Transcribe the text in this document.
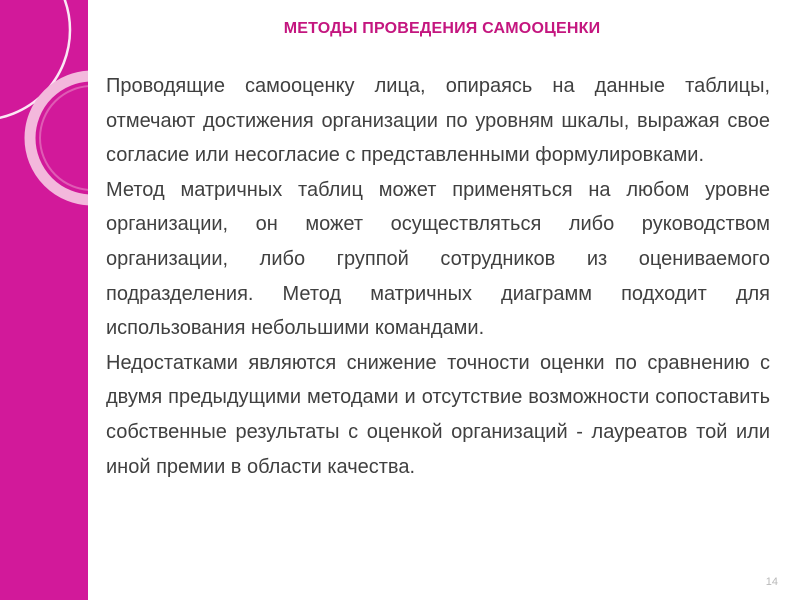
МЕТОДЫ ПРОВЕДЕНИЯ САМООЦЕНКИ

Проводящие самооценку лица, опираясь на данные таблицы, отмечают достижения организации по уровням шкалы, выражая свое согласие или несогласие с представленными формулировками.

Метод матричных таблиц может применяться на любом уровне организации, он может осуществляться либо руководством организации, либо группой сотрудников из оцениваемого подразделения. Метод матричных диаграмм подходит для использования небольшими командами.

Недостатками являются снижение точности оценки по сравнению с двумя предыдущими методами и отсутствие возможности сопоставить собственные результаты с оценкой организаций - лауреатов той или иной премии в области качества.

14
